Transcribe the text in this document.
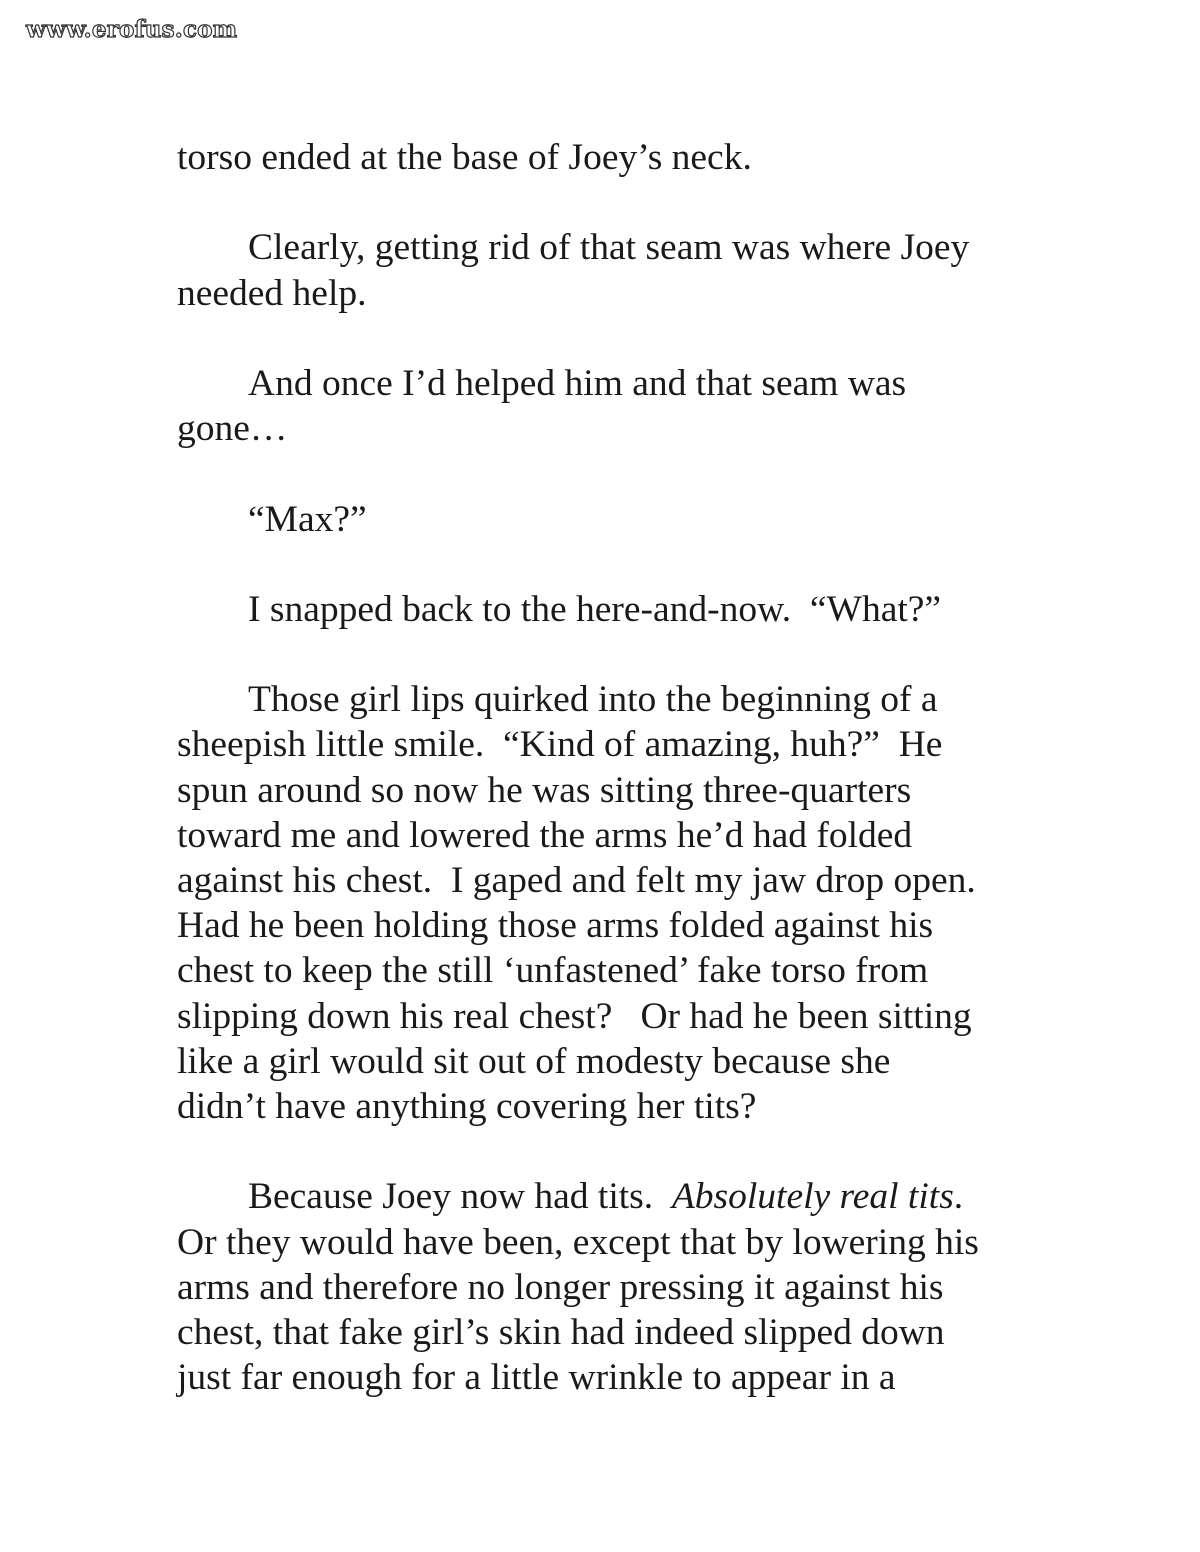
www.erofus.com
torso ended at the base of Joey’s neck.
Clearly, getting rid of that seam was where Joey
needed help.
And once I’d helped him and that seam was
gone…
“Max?”
I snapped back to the here-and-now.  “What?”
Those girl lips quirked into the beginning of a
sheepish little smile.  “Kind of amazing, huh?”  He
spun around so now he was sitting three-quarters
toward me and lowered the arms he’d had folded
against his chest.  I gaped and felt my jaw drop open.
Had he been holding those arms folded against his
chest to keep the still ‘unfastened’ fake torso from
slipping down his real chest?   Or had he been sitting
like a girl would sit out of modesty because she
didn’t have anything covering her tits?
Because Joey now had tits.  Absolutely real tits.
Or they would have been, except that by lowering his
arms and therefore no longer pressing it against his
chest, that fake girl’s skin had indeed slipped down
just far enough for a little wrinkle to appear in a
